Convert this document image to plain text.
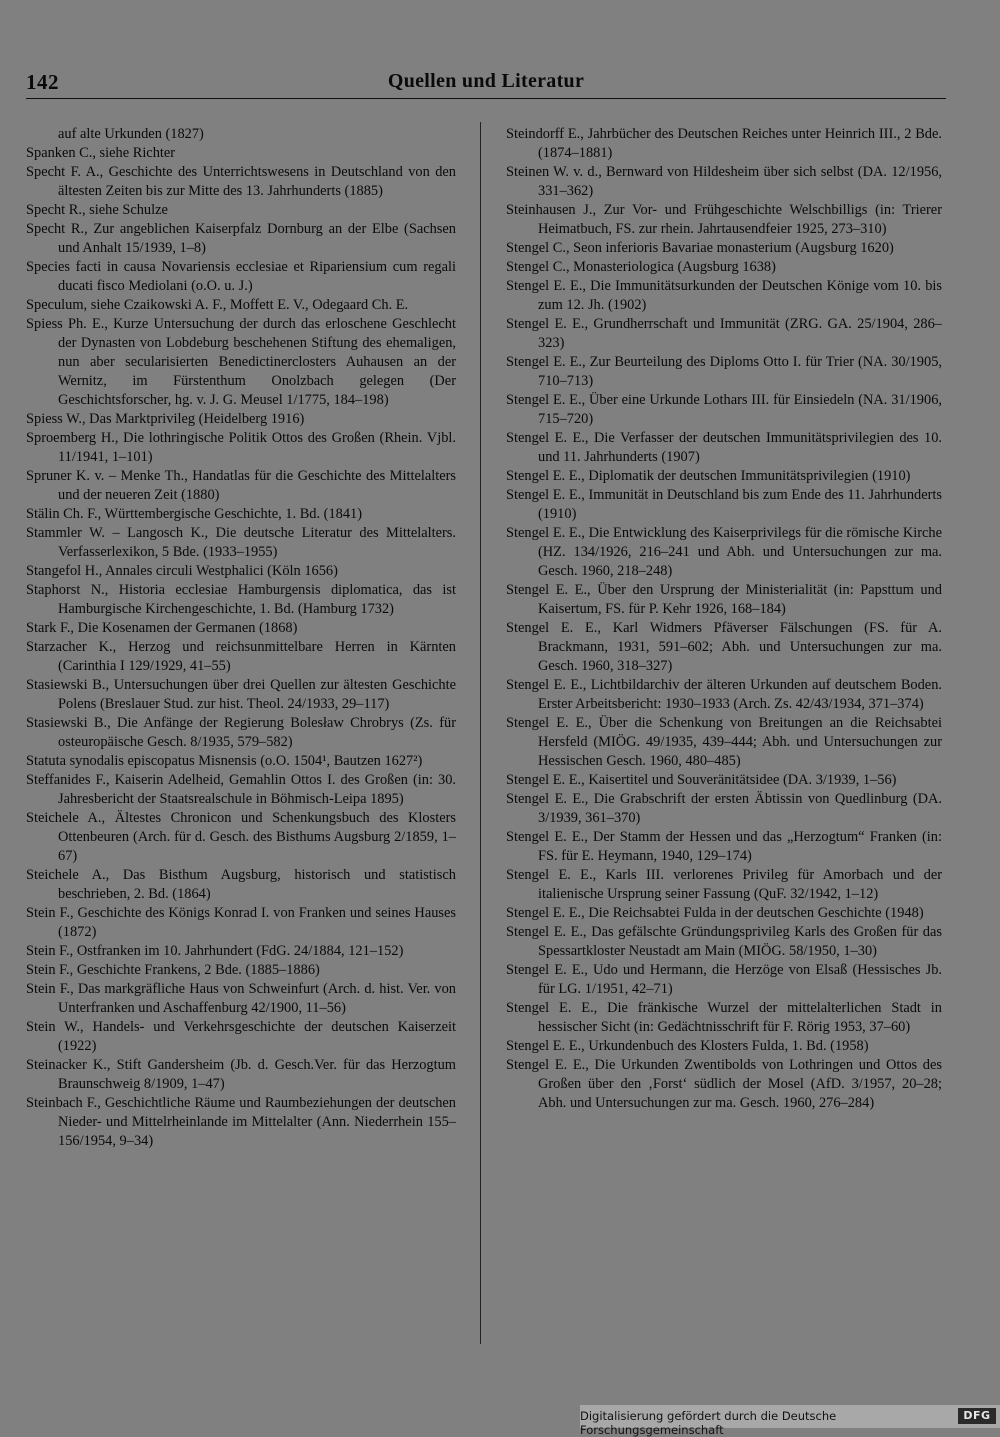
142	Quellen und Literatur

auf alte Urkunden (1827)

Spanken C., siehe Richter

Specht F. A., Geschichte des Unterrichtswesens in Deutschland von den ältesten Zeiten bis zur Mitte des 13. Jahrhunderts (1885)

Specht R., siehe Schulze

Specht R., Zur angeblichen Kaiserpfalz Dornburg an der Elbe (Sachsen und Anhalt 15/1939, 1–8)

Species facti in causa Novariensis ecclesiae et Ripariensium cum regali ducati fisco Mediolani (o.O. u. J.)

Speculum, siehe Czaikowski A. F., Moffett E. V., Odegaard Ch. E.

Spiess Ph. E., Kurze Untersuchung der durch das erloschene Geschlecht der Dynasten von Lobdeburg beschehenen Stiftung des ehemaligen, nun aber secularisierten Benedictinerclosters Auhausen an der Wernitz, im Fürstenthum Onolzbach gelegen (Der Geschichtsforscher, hg. v. J. G. Meusel 1/1775, 184–198)

Spiess W., Das Marktprivileg (Heidelberg 1916)

Sproemberg H., Die lothringische Politik Ottos des Großen (Rhein. Vjbl. 11/1941, 1–101)

Spruner K. v. – Menke Th., Handatlas für die Geschichte des Mittelalters und der neueren Zeit (1880)

Stälin Ch. F., Württembergische Geschichte, 1. Bd. (1841)

Stammler W. – Langosch K., Die deutsche Literatur des Mittelalters. Verfasserlexikon, 5 Bde. (1933–1955)

Stangefol H., Annales circuli Westphalici (Köln 1656)

Staphorst N., Historia ecclesiae Hamburgensis diplomatica, das ist Hamburgische Kirchengeschichte, 1. Bd. (Hamburg 1732)

Stark F., Die Kosenamen der Germanen (1868)

Starzacher K., Herzog und reichsunmittelbare Herren in Kärnten (Carinthia I 129/1929, 41–55)

Stasiewski B., Untersuchungen über drei Quellen zur ältesten Geschichte Polens (Breslauer Stud. zur hist. Theol. 24/1933, 29–117)

Stasiewski B., Die Anfänge der Regierung Bolesław Chrobrys (Zs. für osteuropäische Gesch. 8/1935, 579–582)

Statuta synodalis episcopatus Misnensis (o.O. 1504¹, Bautzen 1627²)

Steffanides F., Kaiserin Adelheid, Gemahlin Ottos I. des Großen (in: 30. Jahresbericht der Staatsrealschule in Böhmisch-Leipa 1895)

Steichele A., Ältestes Chronicon und Schenkungsbuch des Klosters Ottenbeuren (Arch. für d. Gesch. des Bisthums Augsburg 2/1859, 1–67)

Steichele A., Das Bisthum Augsburg, historisch und statistisch beschrieben, 2. Bd. (1864)

Stein F., Geschichte des Königs Konrad I. von Franken und seines Hauses (1872)

Stein F., Ostfranken im 10. Jahrhundert (FdG. 24/1884, 121–152)

Stein F., Geschichte Frankens, 2 Bde. (1885–1886)

Stein F., Das markgräfliche Haus von Schweinfurt (Arch. d. hist. Ver. von Unterfranken und Aschaffenburg 42/1900, 11–56)

Stein W., Handels- und Verkehrsgeschichte der deutschen Kaiserzeit (1922)

Steinacker K., Stift Gandersheim (Jb. d. Gesch.Ver. für das Herzogtum Braunschweig 8/1909, 1–47)

Steinbach F., Geschichtliche Räume und Raumbeziehungen der deutschen Nieder- und Mittelrheinlande im Mittelalter (Ann. Niederrhein 155–156/1954, 9–34)

Steindorff E., Jahrbücher des Deutschen Reiches unter Heinrich III., 2 Bde. (1874–1881)

Steinen W. v. d., Bernward von Hildesheim über sich selbst (DA. 12/1956, 331–362)

Steinhausen J., Zur Vor- und Frühgeschichte Welschbilligs (in: Trierer Heimatbuch, FS. zur rhein. Jahrtausendfeier 1925, 273–310)

Stengel C., Seon inferioris Bavariae monasterium (Augsburg 1620)

Stengel C., Monasteriologica (Augsburg 1638)

Stengel E. E., Die Immunitätsurkunden der Deutschen Könige vom 10. bis zum 12. Jh. (1902)

Stengel E. E., Grundherrschaft und Immunität (ZRG. GA. 25/1904, 286–323)

Stengel E. E., Zur Beurteilung des Diploms Otto I. für Trier (NA. 30/1905, 710–713)

Stengel E. E., Über eine Urkunde Lothars III. für Einsiedeln (NA. 31/1906, 715–720)

Stengel E. E., Die Verfasser der deutschen Immunitätsprivilegien des 10. und 11. Jahrhunderts (1907)

Stengel E. E., Diplomatik der deutschen Immunitätsprivilegien (1910)

Stengel E. E., Immunität in Deutschland bis zum Ende des 11. Jahrhunderts (1910)

Stengel E. E., Die Entwicklung des Kaiserprivilegs für die römische Kirche (HZ. 134/1926, 216–241 und Abh. und Untersuchungen zur ma. Gesch. 1960, 218–248)

Stengel E. E., Über den Ursprung der Ministerialität (in: Papsttum und Kaisertum, FS. für P. Kehr 1926, 168–184)

Stengel E. E., Karl Widmers Pfäverser Fälschungen (FS. für A. Brackmann, 1931, 591–602; Abh. und Untersuchungen zur ma. Gesch. 1960, 318–327)

Stengel E. E., Lichtbildarchiv der älteren Urkunden auf deutschem Boden. Erster Arbeitsbericht: 1930–1933 (Arch. Zs. 42/43/1934, 371–374)

Stengel E. E., Über die Schenkung von Breitungen an die Reichsabtei Hersfeld (MIÖG. 49/1935, 439–444; Abh. und Untersuchungen zur Hessischen Gesch. 1960, 480–485)

Stengel E. E., Kaisertitel und Souveränitätsidee (DA. 3/1939, 1–56)

Stengel E. E., Die Grabschrift der ersten Äbtissin von Quedlinburg (DA. 3/1939, 361–370)

Stengel E. E., Der Stamm der Hessen und das „Herzogtum“ Franken (in: FS. für E. Heymann, 1940, 129–174)

Stengel E. E., Karls III. verlorenes Privileg für Amorbach und der italienische Ursprung seiner Fassung (QuF. 32/1942, 1–12)

Stengel E. E., Die Reichsabtei Fulda in der deutschen Geschichte (1948)

Stengel E. E., Das gefälschte Gründungsprivileg Karls des Großen für das Spessartkloster Neustadt am Main (MIÖG. 58/1950, 1–30)

Stengel E. E., Udo und Hermann, die Herzöge von Elsaß (Hessisches Jb. für LG. 1/1951, 42–71)

Stengel E. E., Die fränkische Wurzel der mittelalterlichen Stadt in hessischer Sicht (in: Gedächtnisschrift für F. Rörig 1953, 37–60)

Stengel E. E., Urkundenbuch des Klosters Fulda, 1. Bd. (1958)

Stengel E. E., Die Urkunden Zwentibolds von Lothringen und Ottos des Großen über den ‚Forst‘ südlich der Mosel (AfD. 3/1957, 20–28; Abh. und Untersuchungen zur ma. Gesch. 1960, 276–284)

Digitalisierung gefördert durch die Deutsche Forschungsgemeinschaft
DFG
